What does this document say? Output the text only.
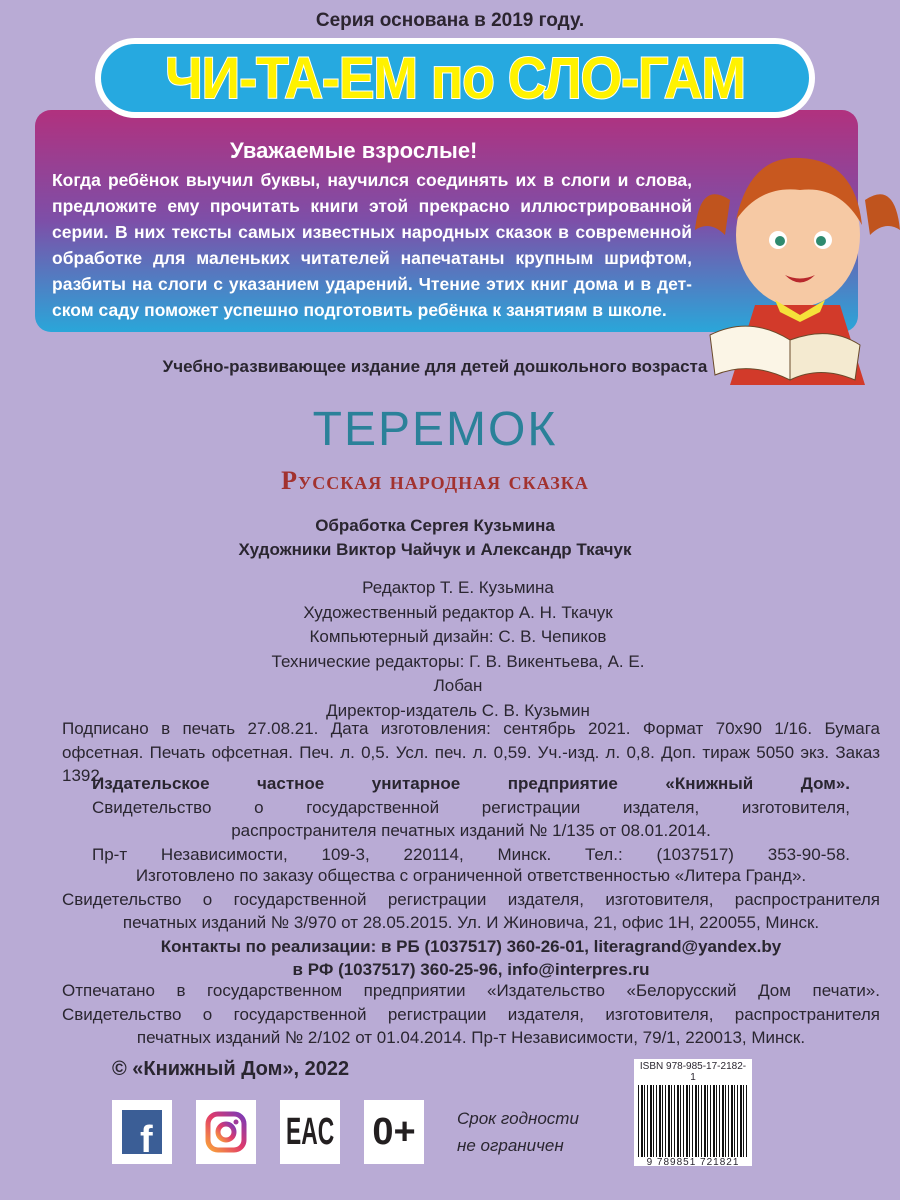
Серия основана в 2019 году.
ЧИ-ТА-ЕМ по СЛО-ГАМ
Уважаемые взрослые!
Когда ребёнок выучил буквы, научился соединять их в слоги и слова,
предложите ему прочитать книги этой прекрасно иллюстрированной
серии. В них тексты самых известных народных сказок в современной
обработке для маленьких читателей напечатаны крупным шрифтом,
разбиты на слоги с указанием ударений. Чтение этих книг дома и в дет-
ском саду поможет успешно подготовить ребёнка к занятиям в школе.
Учебно-развивающее издание для детей дошкольного возраста
ТЕРЕМОК
Русская народная сказка
Обработка Сергея Кузьмина
Художники Виктор Чайчук и Александр Ткачук
Редактор Т. Е. Кузьмина
Художественный редактор А. Н. Ткачук
Компьютерный дизайн: С. В. Чепиков
Технические редакторы: Г. В. Викентьева, А. Е. Лобан
Директор-издатель С. В. Кузьмин
Подписано в печать 27.08.21. Дата изготовления: сентябрь 2021. Формат 70х90 1/16. Бумага
офсетная. Печать офсетная. Печ. л. 0,5. Усл. печ. л. 0,59. Уч.-изд. л. 0,8. Доп. тираж 5050 экз. Заказ 1392.
Издательское частное унитарное предприятие «Книжный Дом».
Свидетельство о государственной регистрации издателя, изготовителя,
распространителя печатных изданий № 1/135 от 08.01.2014.
Пр-т Независимости, 109-3, 220114, Минск. Тел.: (1037517) 353-90-58.
Изготовлено по заказу общества с ограниченной ответственностью «Литера Гранд».
Свидетельство о государственной регистрации издателя, изготовителя, распространителя
печатных изданий № 3/970 от 28.05.2015. Ул. И Жиновича, 21, офис 1Н, 220055, Минск.
Контакты по реализации: в РБ (1037517) 360-26-01, literagrand@yandex.by
в РФ (1037517) 360-25-96, info@interpres.ru
Отпечатано в государственном предприятии «Издательство «Белорусский Дом печати».
Свидетельство о государственной регистрации издателя, изготовителя, распространителя
печатных изданий № 2/102 от 01.04.2014. Пр-т Независимости, 79/1, 220013, Минск.
© «Книжный Дом», 2022
f	EAC 0+ Срок годности
не ограничен
ISBN 978-985-17-2182-1
9 789851 721821
